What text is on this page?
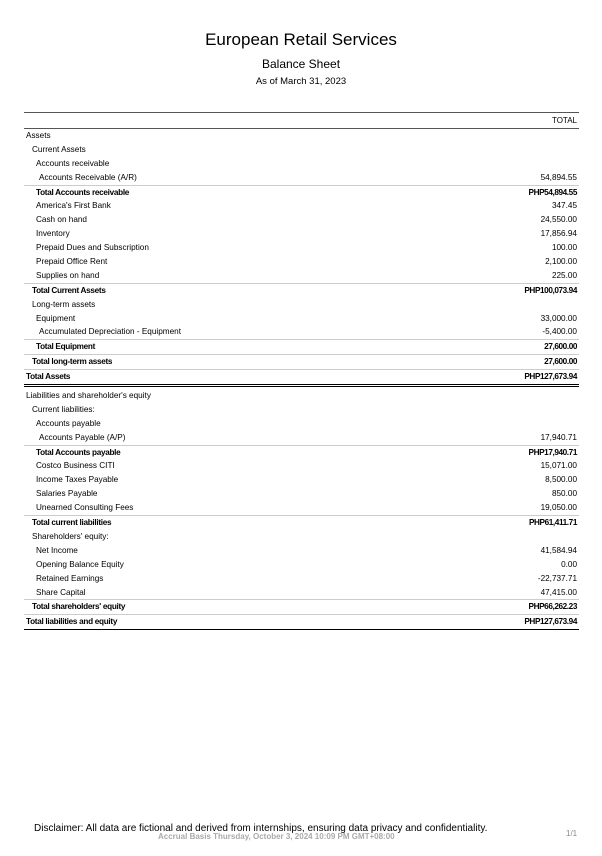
European Retail Services
Balance Sheet
As of March 31, 2023
TOTAL
Assets
Current Assets
Accounts receivable
Accounts Receivable (A/R)	54,894.55
Total Accounts receivable	PHP54,894.55
America's First Bank	347.45
Cash on hand	24,550.00
Inventory	17,856.94
Prepaid Dues and Subscription	100.00
Prepaid Office Rent	2,100.00
Supplies on hand	225.00
Total Current Assets	PHP100,073.94
Long-term assets
Equipment	33,000.00
Accumulated Depreciation - Equipment	-5,400.00
Total Equipment	27,600.00
Total long-term assets	27,600.00
Total Assets	PHP127,673.94
Liabilities and shareholder's equity
Current liabilities:
Accounts payable
Accounts Payable (A/P)	17,940.71
Total Accounts payable	PHP17,940.71
Costco Business CITI	15,071.00
Income Taxes Payable	8,500.00
Salaries Payable	850.00
Unearned Consulting Fees	19,050.00
Total current liabilities	PHP61,411.71
Shareholders' equity:
Net Income	41,584.94
Opening Balance Equity	0.00
Retained Earnings	-22,737.71
Share Capital	47,415.00
Total shareholders' equity	PHP66,262.23
Total liabilities and equity	PHP127,673.94
Disclaimer: All data are fictional and derived from internships, ensuring data privacy and confidentiality.
Accrual Basis Thursday, October 3, 2024 10:09 PM GMT+08:00	1/1
